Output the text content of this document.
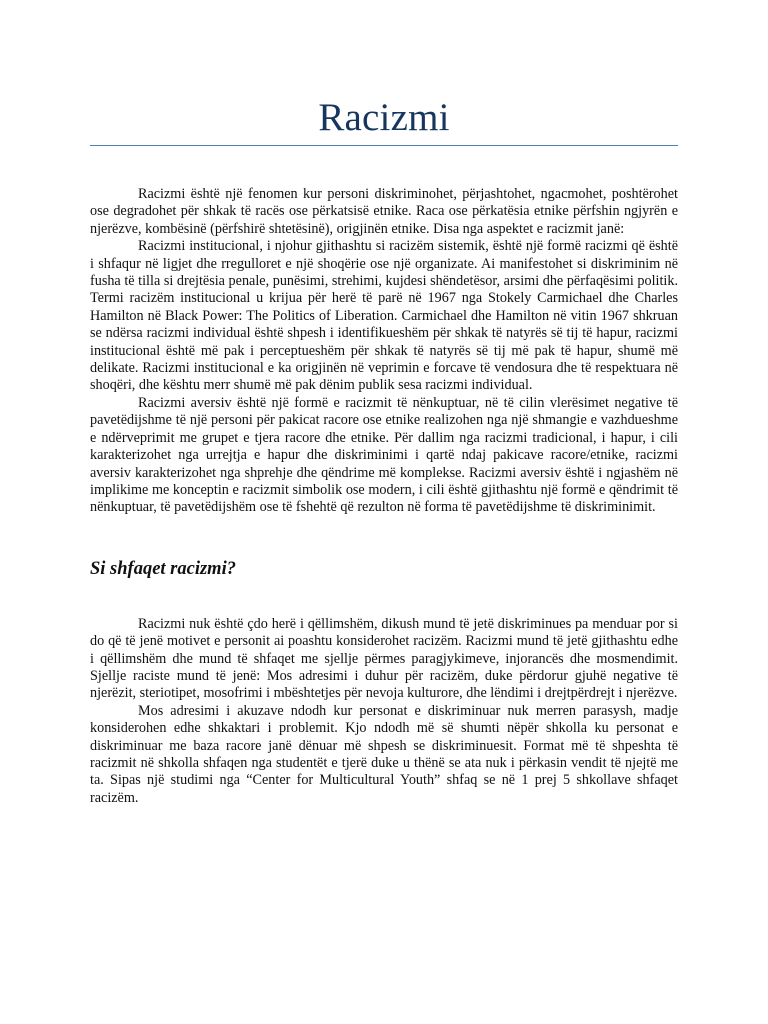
Racizmi

Racizmi është një fenomen kur personi diskriminohet, përjashtohet, ngacmohet, poshtërohet ose degradohet për shkak të racës ose përkatsisë etnike. Raca ose përkatësia etnike përfshin ngjyrën e njerëzve, kombësinë (përfshirë shtetësinë), origjinën etnike. Disa nga aspektet e racizmit janë:

Racizmi institucional, i njohur gjithashtu si racizëm sistemik, është një formë racizmi që është i shfaqur në ligjet dhe rregulloret e një shoqërie ose një organizate. Ai manifestohet si diskriminim në fusha të tilla si drejtësia penale, punësimi, strehimi, kujdesi shëndetësor, arsimi dhe përfaqësimi politik. Termi racizëm institucional u krijua për herë të parë në 1967 nga Stokely Carmichael dhe Charles Hamilton në Black Power: The Politics of Liberation. Carmichael dhe Hamilton në vitin 1967 shkruan se ndërsa racizmi individual është shpesh i identifikueshëm për shkak të natyrës së tij të hapur, racizmi institucional është më pak i perceptueshëm për shkak të natyrës së tij më pak të hapur, shumë më delikate. Racizmi institucional e ka origjinën në veprimin e forcave të vendosura dhe të respektuara në shoqëri, dhe kështu merr shumë më pak dënim publik sesa racizmi individual.

Racizmi aversiv është një formë e racizmit të nënkuptuar, në të cilin vlerësimet negative të pavetëdijshme të një personi për pakicat racore ose etnike realizohen nga një shmangie e vazhdueshme e ndërveprimit me grupet e tjera racore dhe etnike. Për dallim nga racizmi tradicional, i hapur, i cili karakterizohet nga urrejtja e hapur dhe diskriminimi i qartë ndaj pakicave racore/etnike, racizmi aversiv karakterizohet nga shprehje dhe qëndrime më komplekse. Racizmi aversiv është i ngjashëm në implikime me konceptin e racizmit simbolik ose modern, i cili është gjithashtu një formë e qëndrimit të nënkuptuar, të pavetëdijshëm ose të fshehtë që rezulton në forma të pavetëdijshme të diskriminimit.

Si shfaqet racizmi?

Racizmi nuk është çdo herë i qëllimshëm, dikush mund të jetë diskriminues pa menduar por si do që të jenë motivet e personit ai poashtu konsiderohet racizëm. Racizmi mund të jetë gjithashtu edhe i qëllimshëm dhe mund të shfaqet me sjellje përmes paragjykimeve, injorancës dhe mosmendimit. Sjellje raciste mund të jenë: Mos adresimi i duhur për racizëm, duke përdorur gjuhë negative të njerëzit, steriotipet, mosofrimi i mbështetjes për nevoja kulturore, dhe lëndimi i drejtpërdrejt i njerëzve.

Mos adresimi i akuzave ndodh kur personat e diskriminuar nuk merren parasysh, madje konsiderohen edhe shkaktari i problemit. Kjo ndodh më së shumti nëpër shkolla ku personat e diskriminuar me baza racore janë dënuar më shpesh se diskriminuesit. Format më të shpeshta të racizmit në shkolla shfaqen nga studentët e tjerë duke u thënë se ata nuk i përkasin vendit të njejtë me ta. Sipas një studimi nga “Center for Multicultural Youth” shfaq se në 1 prej 5 shkollave shfaqet racizëm.
